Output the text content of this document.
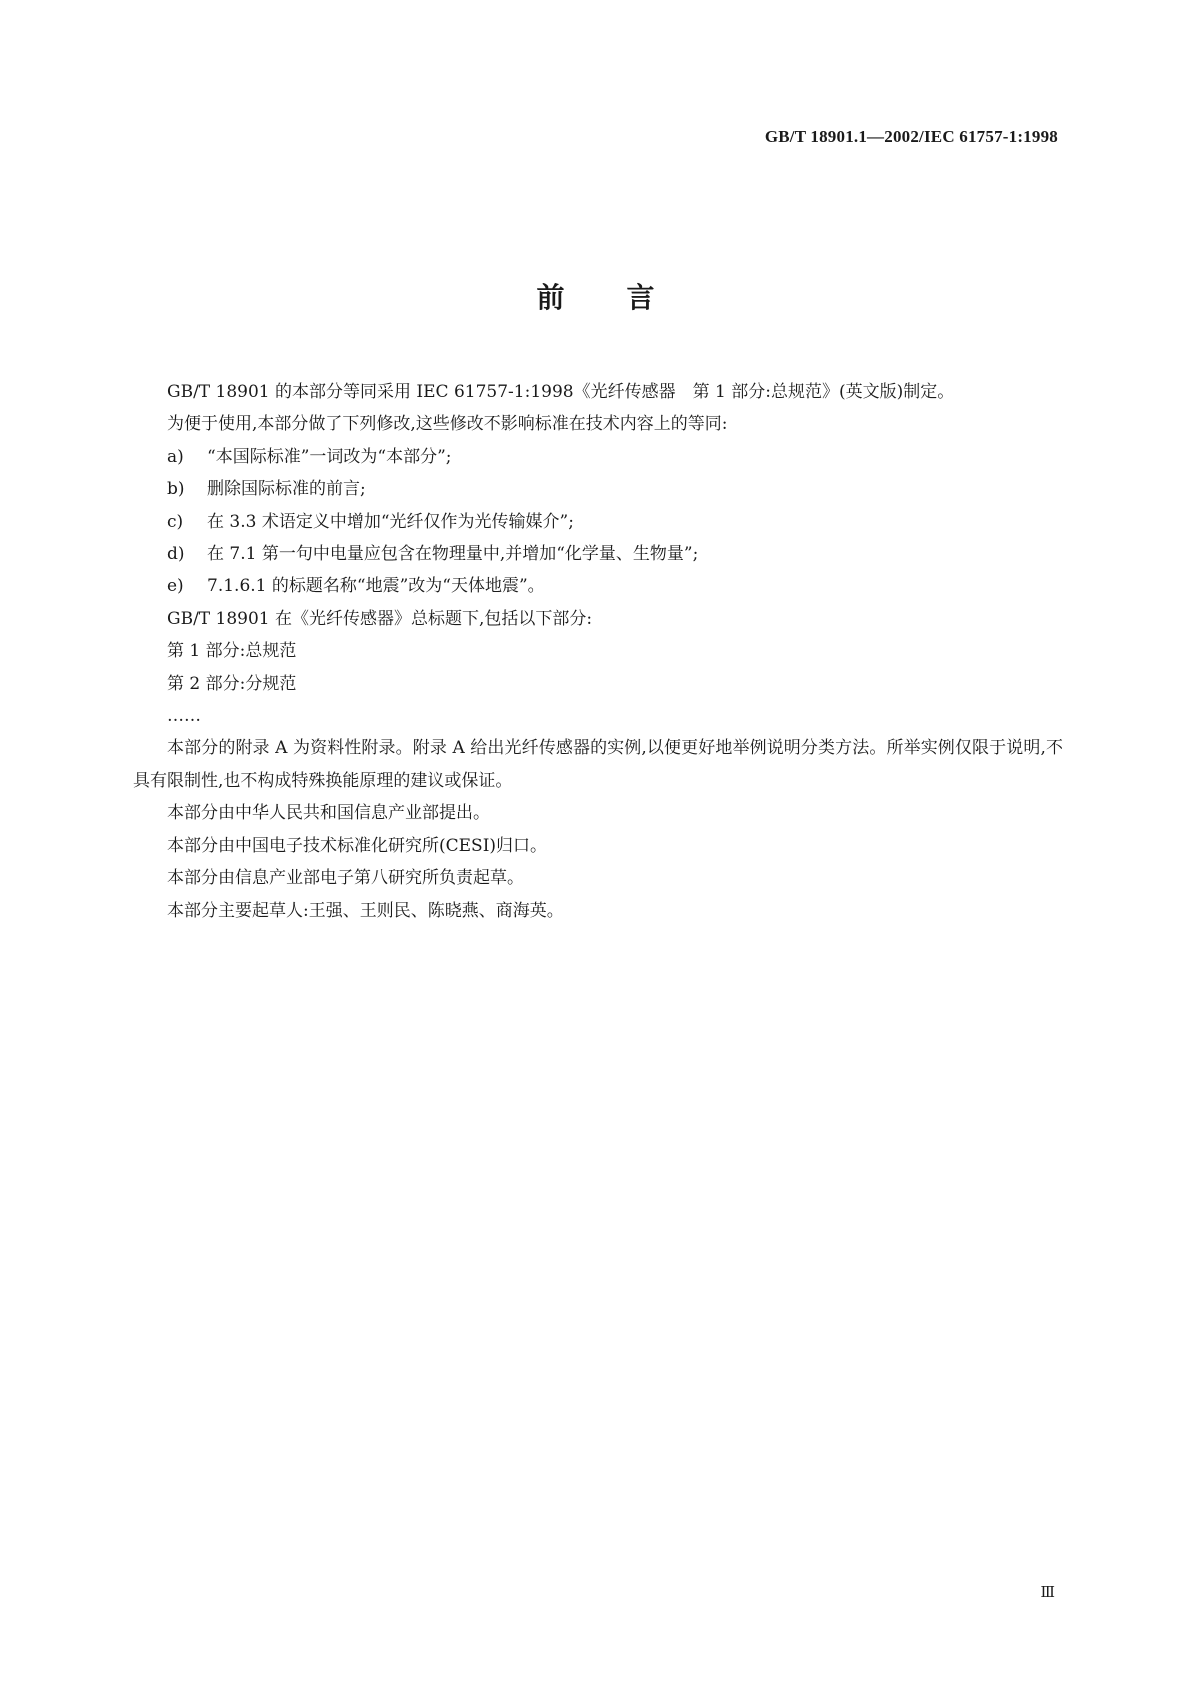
GB/T 18901.1—2002/IEC 61757-1:1998
前言

GB/T 18901 的本部分等同采用 IEC 61757-1:1998《光纤传感器　第 1 部分:总规范》(英文版)制定。

为便于使用,本部分做了下列修改,这些修改不影响标准在技术内容上的等同:

a) “本国际标准”一词改为“本部分”;
b) 删除国际标准的前言;
c) 在 3.3 术语定义中增加“光纤仅作为光传输媒介”;
d) 在 7.1 第一句中电量应包含在物理量中,并增加“化学量、生物量”;
e) 7.1.6.1 的标题名称“地震”改为“天体地震”。

GB/T 18901 在《光纤传感器》总标题下,包括以下部分:

第 1 部分:总规范

第 2 部分:分规范

……

本部分的附录 A 为资料性附录。附录 A 给出光纤传感器的实例,以便更好地举例说明分类方法。所举实例仅限于说明,不具有限制性,也不构成特殊换能原理的建议或保证。

本部分由中华人民共和国信息产业部提出。

本部分由中国电子技术标准化研究所(CESI)归口。

本部分由信息产业部电子第八研究所负责起草。

本部分主要起草人:王强、王则民、陈晓燕、商海英。

Ⅲ
